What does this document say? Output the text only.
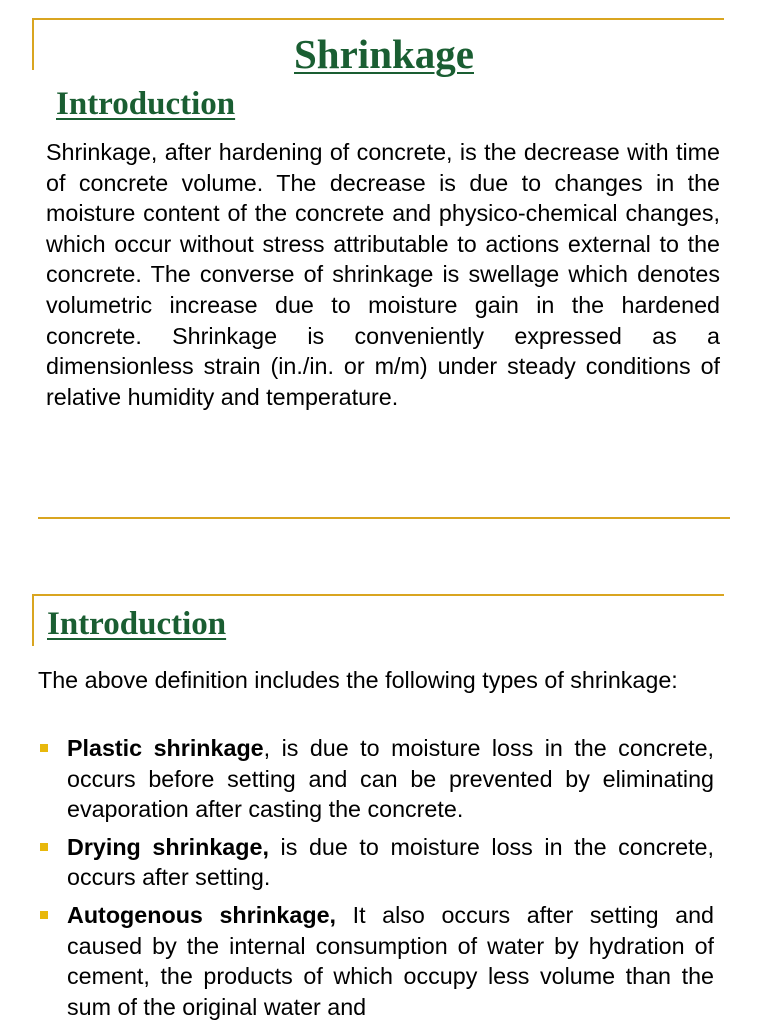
Shrinkage
Introduction

Shrinkage, after hardening of concrete, is the decrease with time of concrete volume. The decrease is due to changes in the moisture content of the concrete and physico-chemical changes, which occur without stress attributable to actions external to the concrete. The converse of shrinkage is swellage which denotes volumetric increase due to moisture gain in the hardened concrete. Shrinkage is conveniently expressed as a dimensionless strain (in./in. or m/m) under steady conditions of relative humidity and temperature.

Introduction

The above definition includes the following types of shrinkage:

Plastic shrinkage, is due to moisture loss in the concrete, occurs before setting and can be prevented by eliminating evaporation after casting the concrete.
Drying shrinkage, is due to moisture loss in the concrete, occurs after setting.
Autogenous shrinkage, It also occurs after setting and caused by the internal consumption of water by hydration of cement, the products of which occupy less volume than the sum of the original water and
